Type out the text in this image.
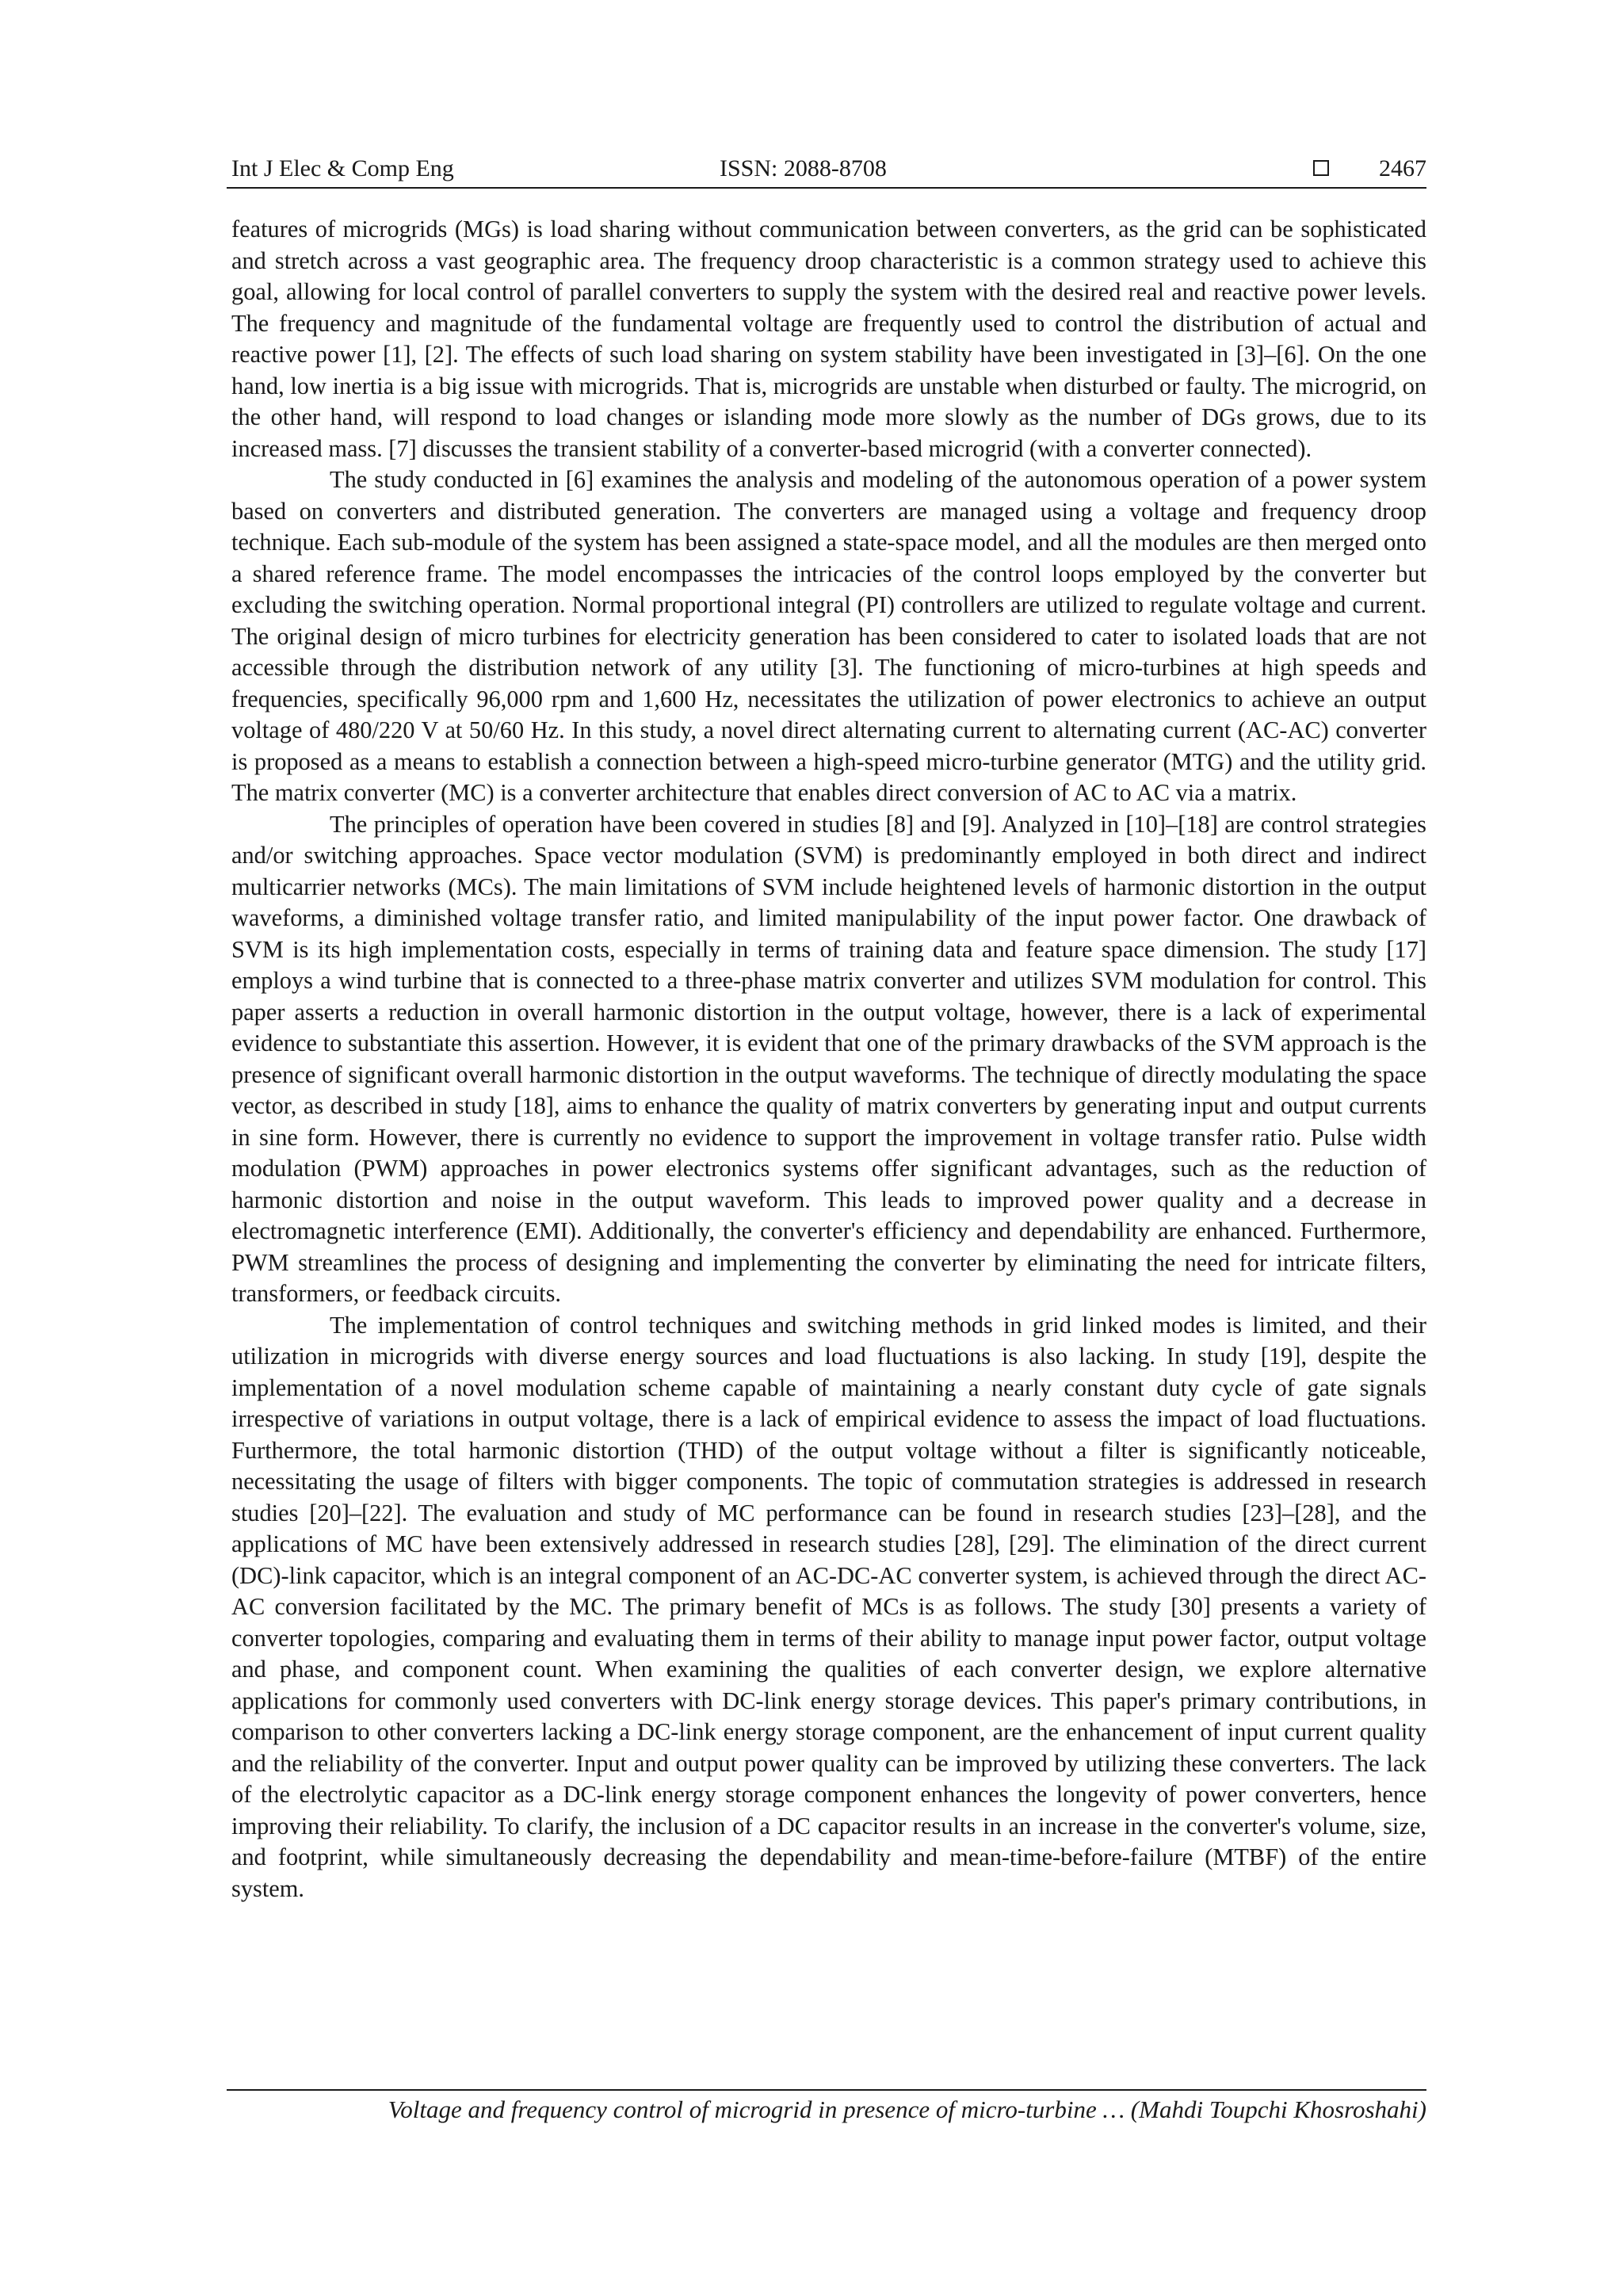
Int J Elec & Comp Eng	ISSN: 2088-8708	2467

features of microgrids (MGs) is load sharing without communication between converters, as the grid can be sophisticated and stretch across a vast geographic area. The frequency droop characteristic is a common strategy used to achieve this goal, allowing for local control of parallel converters to supply the system with the desired real and reactive power levels. The frequency and magnitude of the fundamental voltage are frequently used to control the distribution of actual and reactive power [1], [2]. The effects of such load sharing on system stability have been investigated in [3]–[6]. On the one hand, low inertia is a big issue with microgrids. That is, microgrids are unstable when disturbed or faulty. The microgrid, on the other hand, will respond to load changes or islanding mode more slowly as the number of DGs grows, due to its increased mass. [7] discusses the transient stability of a converter-based microgrid (with a converter connected).

The study conducted in [6] examines the analysis and modeling of the autonomous operation of a power system based on converters and distributed generation. The converters are managed using a voltage and frequency droop technique. Each sub-module of the system has been assigned a state-space model, and all the modules are then merged onto a shared reference frame. The model encompasses the intricacies of the control loops employed by the converter but excluding the switching operation. Normal proportional integral (PI) controllers are utilized to regulate voltage and current. The original design of micro turbines for electricity generation has been considered to cater to isolated loads that are not accessible through the distribution network of any utility [3]. The functioning of micro-turbines at high speeds and frequencies, specifically 96,000 rpm and 1,600 Hz, necessitates the utilization of power electronics to achieve an output voltage of 480/220 V at 50/60 Hz. In this study, a novel direct alternating current to alternating current (AC-AC) converter is proposed as a means to establish a connection between a high-speed micro-turbine generator (MTG) and the utility grid. The matrix converter (MC) is a converter architecture that enables direct conversion of AC to AC via a matrix.

The principles of operation have been covered in studies [8] and [9]. Analyzed in [10]–[18] are control strategies and/or switching approaches. Space vector modulation (SVM) is predominantly employed in both direct and indirect multicarrier networks (MCs). The main limitations of SVM include heightened levels of harmonic distortion in the output waveforms, a diminished voltage transfer ratio, and limited manipulability of the input power factor. One drawback of SVM is its high implementation costs, especially in terms of training data and feature space dimension. The study [17] employs a wind turbine that is connected to a three-phase matrix converter and utilizes SVM modulation for control. This paper asserts a reduction in overall harmonic distortion in the output voltage, however, there is a lack of experimental evidence to substantiate this assertion. However, it is evident that one of the primary drawbacks of the SVM approach is the presence of significant overall harmonic distortion in the output waveforms. The technique of directly modulating the space vector, as described in study [18], aims to enhance the quality of matrix converters by generating input and output currents in sine form. However, there is currently no evidence to support the improvement in voltage transfer ratio. Pulse width modulation (PWM) approaches in power electronics systems offer significant advantages, such as the reduction of harmonic distortion and noise in the output waveform. This leads to improved power quality and a decrease in electromagnetic interference (EMI). Additionally, the converter's efficiency and dependability are enhanced. Furthermore, PWM streamlines the process of designing and implementing the converter by eliminating the need for intricate filters, transformers, or feedback circuits.

The implementation of control techniques and switching methods in grid linked modes is limited, and their utilization in microgrids with diverse energy sources and load fluctuations is also lacking. In study [19], despite the implementation of a novel modulation scheme capable of maintaining a nearly constant duty cycle of gate signals irrespective of variations in output voltage, there is a lack of empirical evidence to assess the impact of load fluctuations. Furthermore, the total harmonic distortion (THD) of the output voltage without a filter is significantly noticeable, necessitating the usage of filters with bigger components. The topic of commutation strategies is addressed in research studies [20]–[22]. The evaluation and study of MC performance can be found in research studies [23]–[28], and the applications of MC have been extensively addressed in research studies [28], [29]. The elimination of the direct current (DC)-link capacitor, which is an integral component of an AC-DC-AC converter system, is achieved through the direct AC-AC conversion facilitated by the MC. The primary benefit of MCs is as follows. The study [30] presents a variety of converter topologies, comparing and evaluating them in terms of their ability to manage input power factor, output voltage and phase, and component count. When examining the qualities of each converter design, we explore alternative applications for commonly used converters with DC-link energy storage devices. This paper's primary contributions, in comparison to other converters lacking a DC-link energy storage component, are the enhancement of input current quality and the reliability of the converter. Input and output power quality can be improved by utilizing these converters. The lack of the electrolytic capacitor as a DC-link energy storage component enhances the longevity of power converters, hence improving their reliability. To clarify, the inclusion of a DC capacitor results in an increase in the converter's volume, size, and footprint, while simultaneously decreasing the dependability and mean-time-before-failure (MTBF) of the entire system.

Voltage and frequency control of microgrid in presence of micro-turbine … (Mahdi Toupchi Khosroshahi)
